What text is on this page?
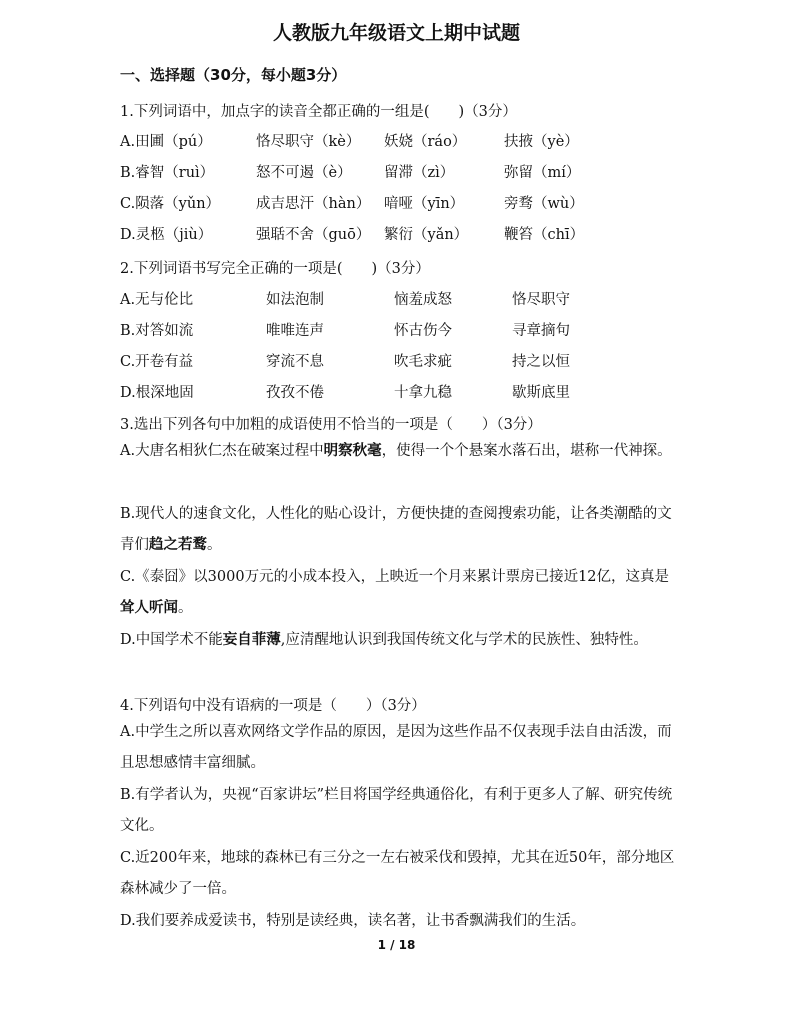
人教版九年级语文上期中试题
一、选择题（30分，每小题3分）
1.下列词语中，加点字的读音全都正确的一组是(　　)（3分）
A.田圃（pú）	恪尽职守（kè） 妖娆（ráo）	扶掖（yè）
B.睿智（ruì）	怒不可遏（è） 留滞（zì）	弥留（mí）
C.陨落（yǔn） 成吉思汗（hàn） 喑哑（yīn）	旁骛（wù）
D.灵柩（jiù）	强聒不舍（guō） 繁衍（yǎn） 鞭笞（chī）
2.下列词语书写完全正确的一项是(　　)（3分）
A.无与伦比	如法泡制	恼羞成怒	恪尽职守
B.对答如流	唯唯连声	怀古伤今	寻章摘句
C.开卷有益	穿流不息	吹毛求疵	持之以恒
D.根深地固	孜孜不倦	十拿九稳	歇斯底里
3.选出下列各句中加粗的成语使用不恰当的一项是（　　）（3分）
A.大唐名相狄仁杰在破案过程中明察秋毫，使得一个个悬案水落石出，堪称一代神探。
B.现代人的速食文化，人性化的贴心设计，方便快捷的查阅搜索功能，让各类潮酷的文青们趋之若鹜。
C.《泰囧》以3000万元的小成本投入，上映近一个月来累计票房已接近12亿，这真是耸人听闻。
D.中国学术不能妄自菲薄,应清醒地认识到我国传统文化与学术的民族性、独特性。
4.下列语句中没有语病的一项是（　　）（3分）
A.中学生之所以喜欢网络文学作品的原因，是因为这些作品不仅表现手法自由活泼，而且思想感情丰富细腻。
B.有学者认为，央视“百家讲坛”栏目将国学经典通俗化，有利于更多人了解、研究传统文化。
C.近200年来，地球的森林已有三分之一左右被采伐和毁掉，尤其在近50年，部分地区森林减少了一倍。
D.我们要养成爱读书，特别是读经典，读名著，让书香飘满我们的生活。
1 / 18
